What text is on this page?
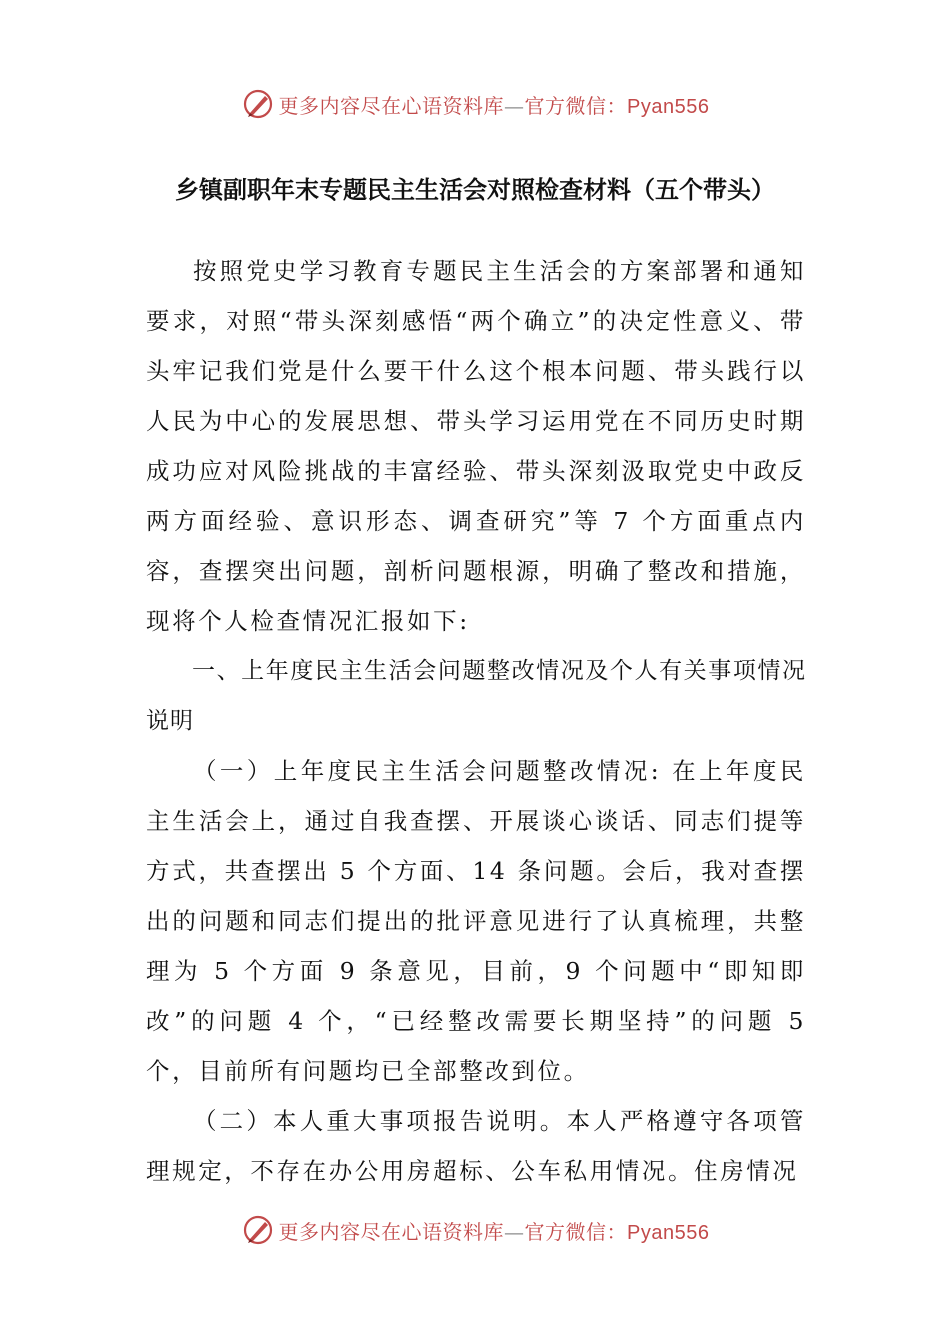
更多内容尽在心语资料库—官方微信：Pyan556
乡镇副职年末专题民主生活会对照检查材料（五个带头）

按照党史学习教育专题民主生活会的方案部署和通知要求，对照“带头深刻感悟“两个确立”的决定性意义、带头牢记我们党是什么要干什么这个根本问题、带头践行以人民为中心的发展思想、带头学习运用党在不同历史时期成功应对风险挑战的丰富经验、带头深刻汲取党史中政反两方面经验、意识形态、调查研究”等 7 个方面重点内容，查摆突出问题，剖析问题根源，明确了整改和措施，现将个人检查情况汇报如下:

一、上年度民主生活会问题整改情况及个人有关事项情况说明

（一）上年度民主生活会问题整改情况: 在上年度民主生活会上，通过自我查摆、开展谈心谈话、同志们提等方式，共查摆出 5 个方面、14 条问题。会后，我对查摆出的问题和同志们提出的批评意见进行了认真梳理，共整理为 5 个方面 9 条意见，目前，9 个问题中“即知即改”的问题 4 个，“已经整改需要长期坚持”的问题 5 个，目前所有问题均已全部整改到位。

（二）本人重大事项报告说明。本人严格遵守各项管理规定，不存在办公用房超标、公车私用情况。住房情况

更多内容尽在心语资料库—官方微信：Pyan556
